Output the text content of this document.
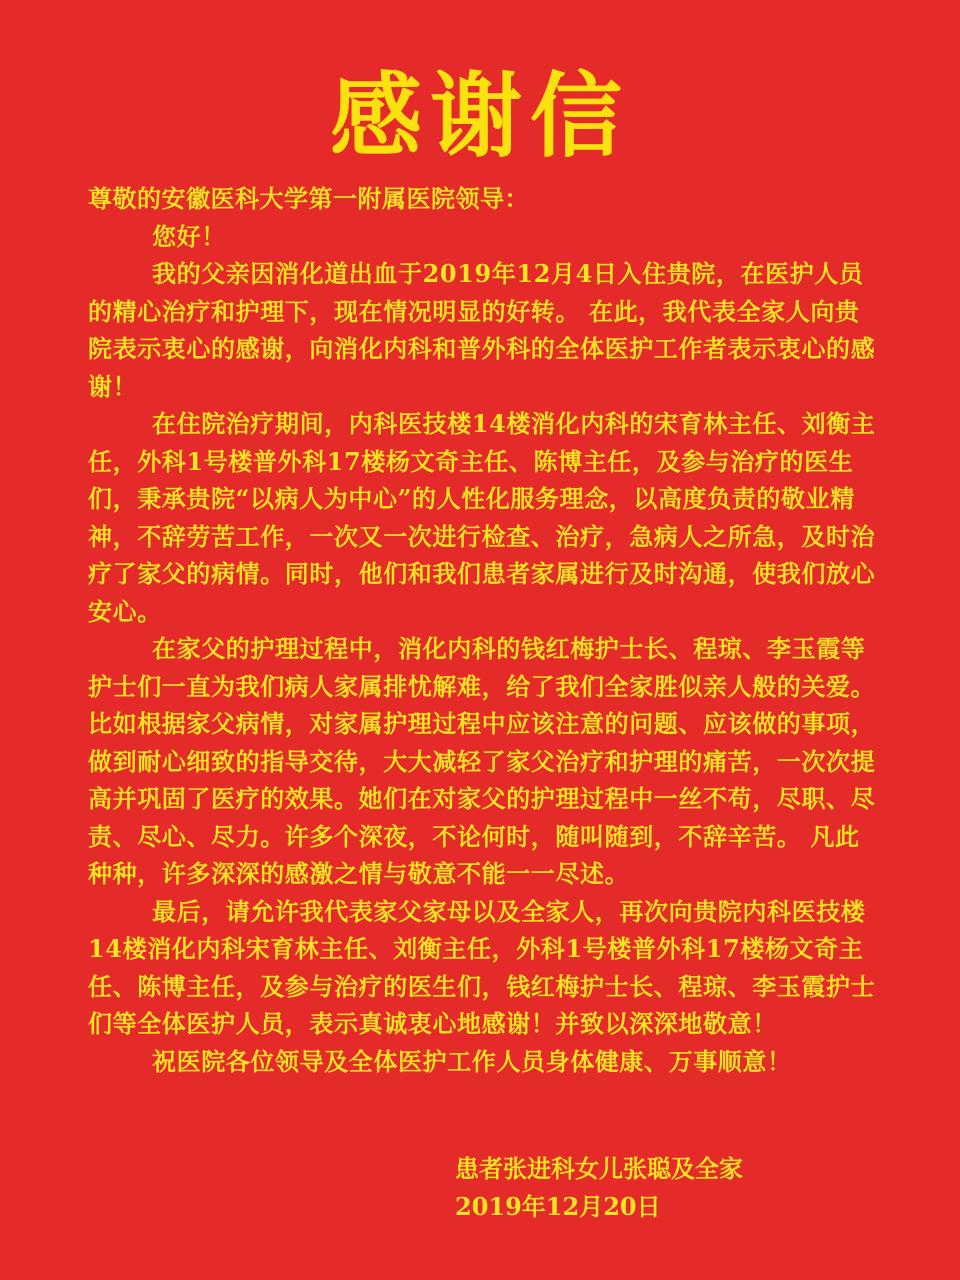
感谢信

尊敬的安徽医科大学第一附属医院领导：

您好！

我的父亲因消化道出血于2019年12月4日入住贵院，在医护人员的精心治疗和护理下，现在情况明显的好转。 在此，我代表全家人向贵院表示衷心的感谢，向消化内科和普外科的全体医护工作者表示衷心的感谢！

在住院治疗期间，内科医技楼14楼消化内科的宋育林主任、刘衡主任，外科1号楼普外科17楼杨文奇主任、陈博主任，及参与治疗的医生们，秉承贵院“以病人为中心”的人性化服务理念，以高度负责的敬业精神，不辞劳苦工作，一次又一次进行检查、治疗，急病人之所急，及时治疗了家父的病情。同时，他们和我们患者家属进行及时沟通，使我们放心安心。

在家父的护理过程中，消化内科的钱红梅护士长、程琼、李玉霞等护士们一直为我们病人家属排忧解难，给了我们全家胜似亲人般的关爱。比如根据家父病情，对家属护理过程中应该注意的问题、应该做的事项，做到耐心细致的指导交待，大大减轻了家父治疗和护理的痛苦，一次次提高并巩固了医疗的效果。她们在对家父的护理过程中一丝不苟，尽职、尽责、尽心、尽力。许多个深夜，不论何时，随叫随到，不辞辛苦。 凡此种种，许多深深的感激之情与敬意不能一一尽述。

最后，请允许我代表家父家母以及全家人，再次向贵院内科医技楼14楼消化内科宋育林主任、刘衡主任，外科1号楼普外科17楼杨文奇主任、陈博主任，及参与治疗的医生们，钱红梅护士长、程琼、李玉霞护士们等全体医护人员，表示真诚衷心地感谢！并致以深深地敬意！

祝医院各位领导及全体医护工作人员身体健康、万事顺意！

患者张进科女儿张聪及全家
2019年12月20日
